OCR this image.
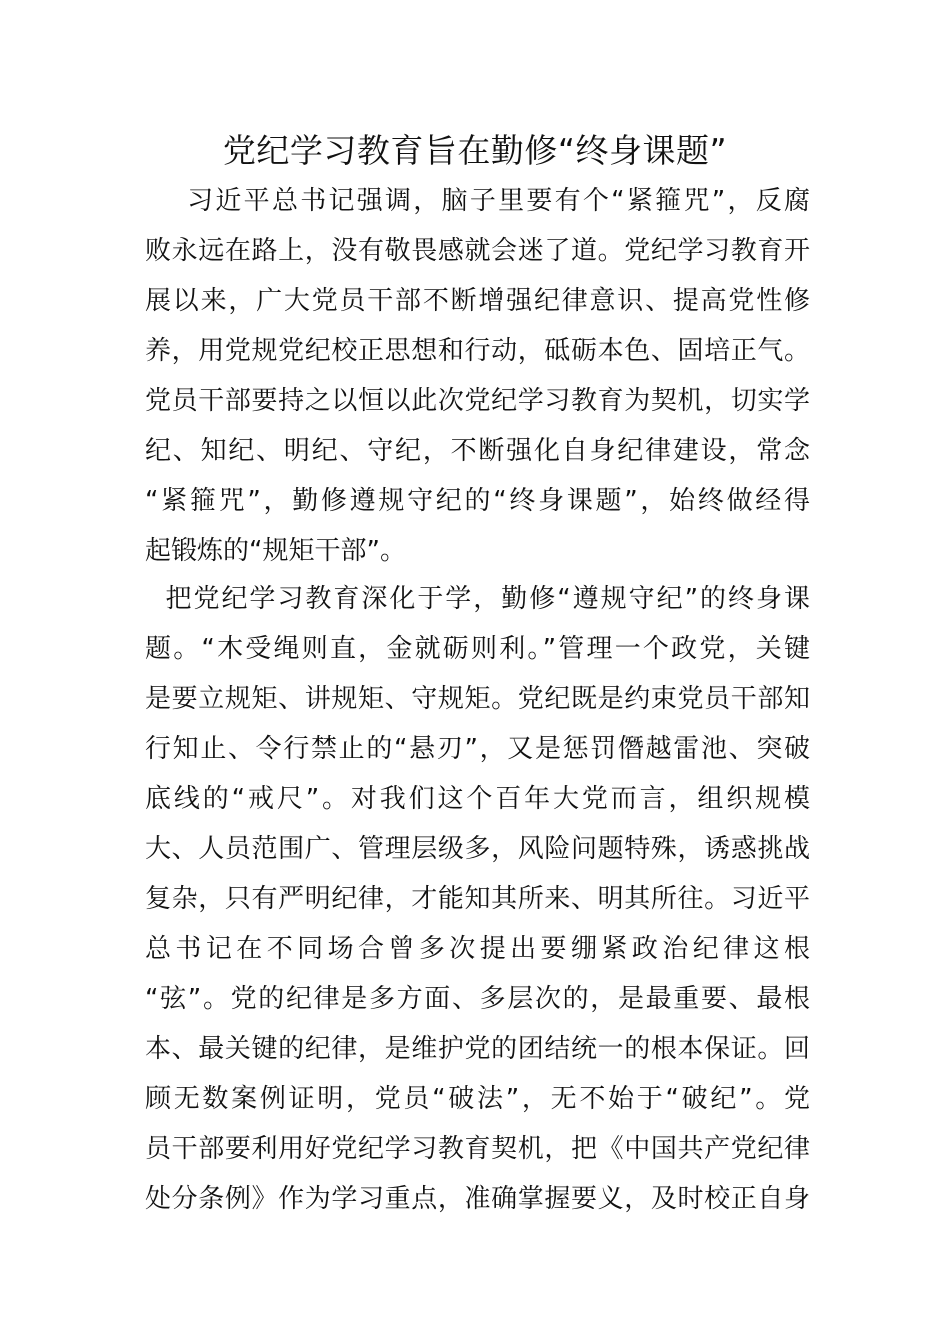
党纪学习教育旨在勤修“终身课题”
习近平总书记强调，脑子里要有个“紧箍咒”，反腐
败永远在路上，没有敬畏感就会迷了道。党纪学习教育开
展以来，广大党员干部不断增强纪律意识、提高党性修
养，用党规党纪校正思想和行动，砥砺本色、固培正气。
党员干部要持之以恒以此次党纪学习教育为契机，切实学
纪、知纪、明纪、守纪，不断强化自身纪律建设，常念
“紧箍咒”，勤修遵规守纪的“终身课题”，始终做经得
起锻炼的“规矩干部”。
把党纪学习教育深化于学，勤修“遵规守纪”的终身课
题。“木受绳则直，金就砺则利。”管理一个政党，关键
是要立规矩、讲规矩、守规矩。党纪既是约束党员干部知
行知止、令行禁止的“悬刃”，又是惩罚僭越雷池、突破
底线的“戒尺”。对我们这个百年大党而言，组织规模
大、人员范围广、管理层级多，风险问题特殊，诱惑挑战
复杂，只有严明纪律，才能知其所来、明其所往。习近平
总书记在不同场合曾多次提出要绷紧政治纪律这根
“弦”。党的纪律是多方面、多层次的，是最重要、最根
本、最关键的纪律，是维护党的团结统一的根本保证。回
顾无数案例证明，党员“破法”，无不始于“破纪”。党
员干部要利用好党纪学习教育契机，把《中国共产党纪律
处分条例》作为学习重点，准确掌握要义，及时校正自身
